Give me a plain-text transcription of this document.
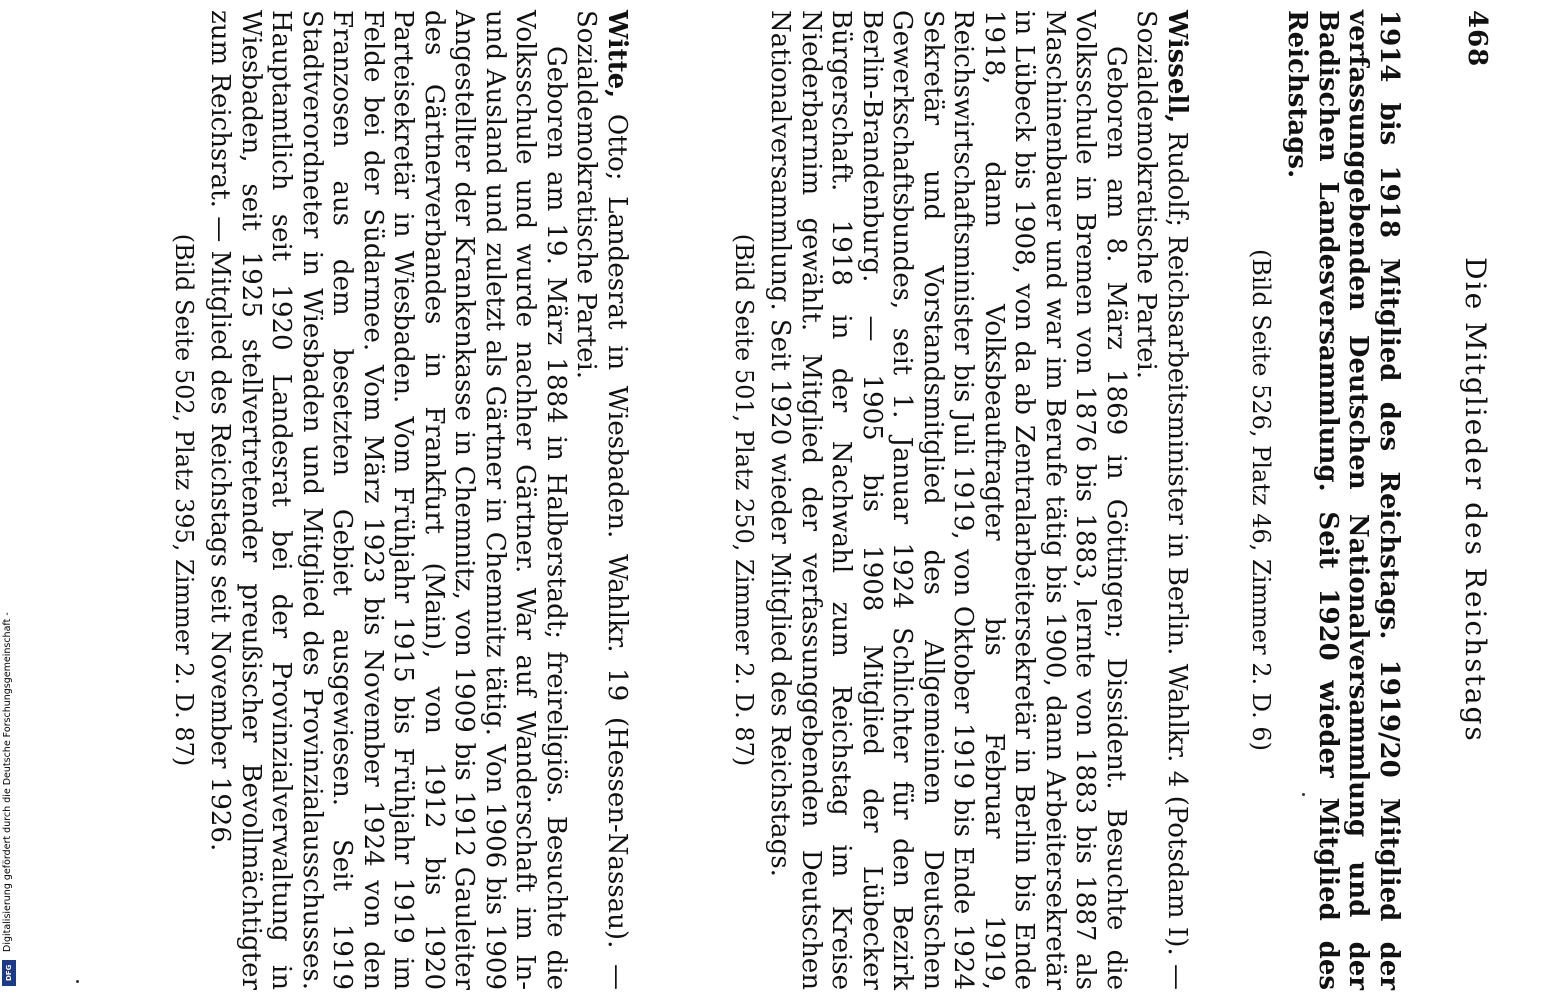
468
Die Mitglieder des Reichstags

1914 bis 1918 Mitglied des Reichstags. 1919/20 Mitglied der verfassunggebenden Deutschen Nationalversammlung und der Badischen Landesversammlung. Seit 1920 wieder Mitglied des Reichstags.

(Bild Seite 526, Platz 46, Zimmer 2. D. 6)

Wissell, Rudolf; Reichsarbeitsminister in Berlin. Wahlkr. 4 (Potsdam I). — Sozialdemokratische Partei.

Geboren am 8. März 1869 in Göttingen; Dissident. Besuchte die Volksschule in Bremen von 1876 bis 1883, lernte von 1883 bis 1887 als Maschinenbauer und war im Berufe tätig bis 1900, dann Arbeitersekretär in Lübeck bis 1908, von da ab Zentralarbeitersekretär in Berlin bis Ende 1918, dann Volksbeauftragter bis Februar 1919, Reichswirtschaftsminister bis Juli 1919, von Oktober 1919 bis Ende 1924 Sekretär und Vorstandsmitglied des Allgemeinen Deutschen Gewerkschaftsbundes, seit 1. Januar 1924 Schlichter für den Bezirk Berlin-Brandenburg. — 1905 bis 1908 Mitglied der Lübecker Bürgerschaft. 1918 in der Nachwahl zum Reichstag im Kreise Niederbarnim gewählt. Mitglied der verfassunggebenden Deutschen Nationalversammlung. Seit 1920 wieder Mitglied des Reichstags.

(Bild Seite 501, Platz 250, Zimmer 2. D. 87)

Witte, Otto; Landesrat in Wiesbaden. Wahlkr. 19 (Hessen-Nassau). — Sozialdemokratische Partei.

Geboren am 19. März 1884 in Halberstadt; freireligiös. Besuchte die Volksschule und wurde nachher Gärtner. War auf Wanderschaft im In- und Ausland und zuletzt als Gärtner in Chemnitz tätig. Von 1906 bis 1909 Angestellter der Krankenkasse in Chemnitz, von 1909 bis 1912 Gauleiter des Gärtnerverbandes in Frankfurt (Main), von 1912 bis 1920 Parteisekretär in Wiesbaden. Vom Frühjahr 1915 bis Frühjahr 1919 im Felde bei der Südarmee. Vom März 1923 bis November 1924 von den Franzosen aus dem besetzten Gebiet ausgewiesen. Seit 1919 Stadtverordneter in Wiesbaden und Mitglied des Provinzialausschusses. Hauptamtlich seit 1920 Landesrat bei der Provinzialverwaltung in Wiesbaden, seit 1925 stellvertretender preußischer Bevollmächtigter zum Reichsrat. — Mitglied des Reichstags seit November 1926.

(Bild Seite 502, Platz 395, Zimmer 2. D. 87)

Digitalisierung gefördert durch die Deutsche Forschungsgemeinschaft -
DFG
